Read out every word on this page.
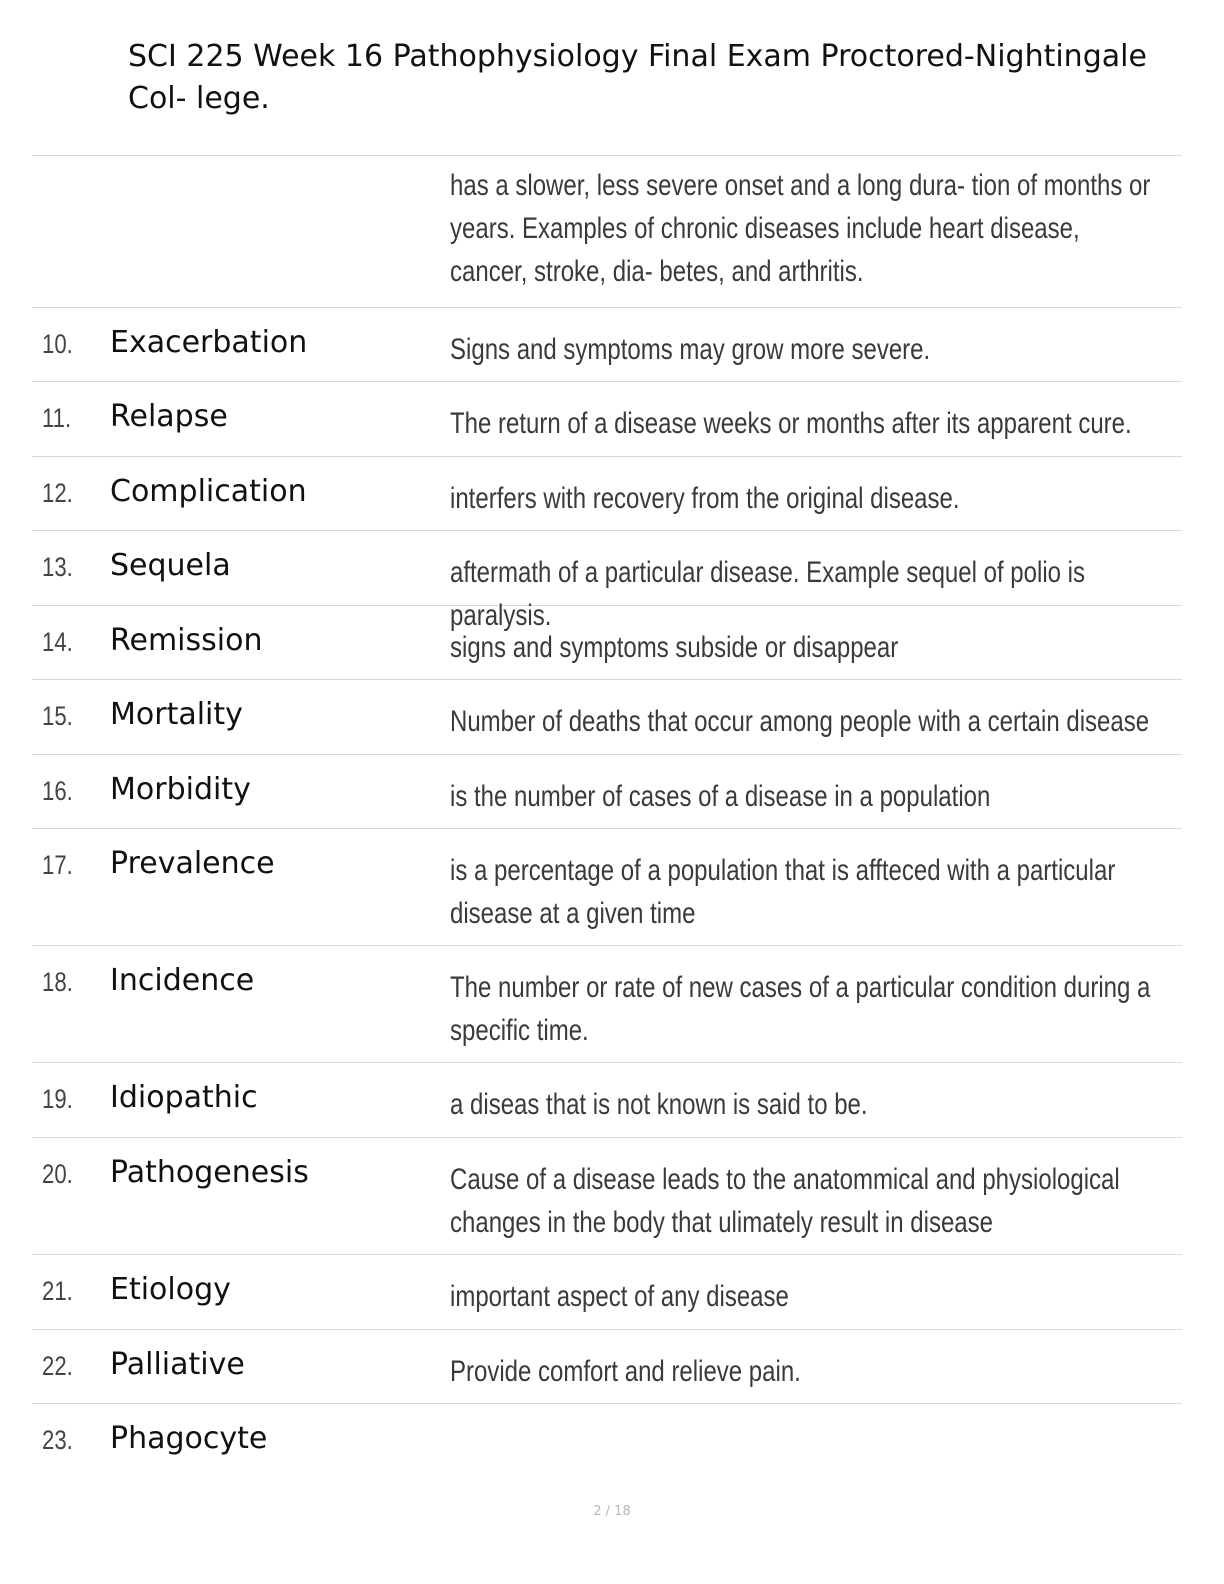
SCI 225 Week 16 Pathophysiology Final Exam Proctored-Nightingale Col- lege.
has a slower, less severe onset and a long dura- tion of months or years. Examples of chronic diseases include heart disease, cancer, stroke, dia- betes, and arthritis.
10. Exacerbation	Signs and symptoms may grow more severe.
11. Relapse	The return of a disease weeks or months after its apparent cure.
12. Complication	interfers with recovery from the original disease.
13. Sequela	aftermath of a particular disease. Example sequel of polio is paralysis.
14. Remission	signs and symptoms subside or disappear
15. Mortality	Number of deaths that occur among people with a certain disease
16. Morbidity	is the number of cases of a disease in a population
17. Prevalence	is a percentage of a population that is affteced with a particular disease at a given time
18. Incidence	The number or rate of new cases of a particular condition during a specific time.
19. Idiopathic	a diseas that is not known is said to be.
20. Pathogenesis	Cause of a disease leads to the anatommical and physiological changes in the body that ulimately result in disease
21. Etiology	important aspect of any disease
22. Palliative	Provide comfort and relieve pain.
23. Phagocyte
2 / 18
